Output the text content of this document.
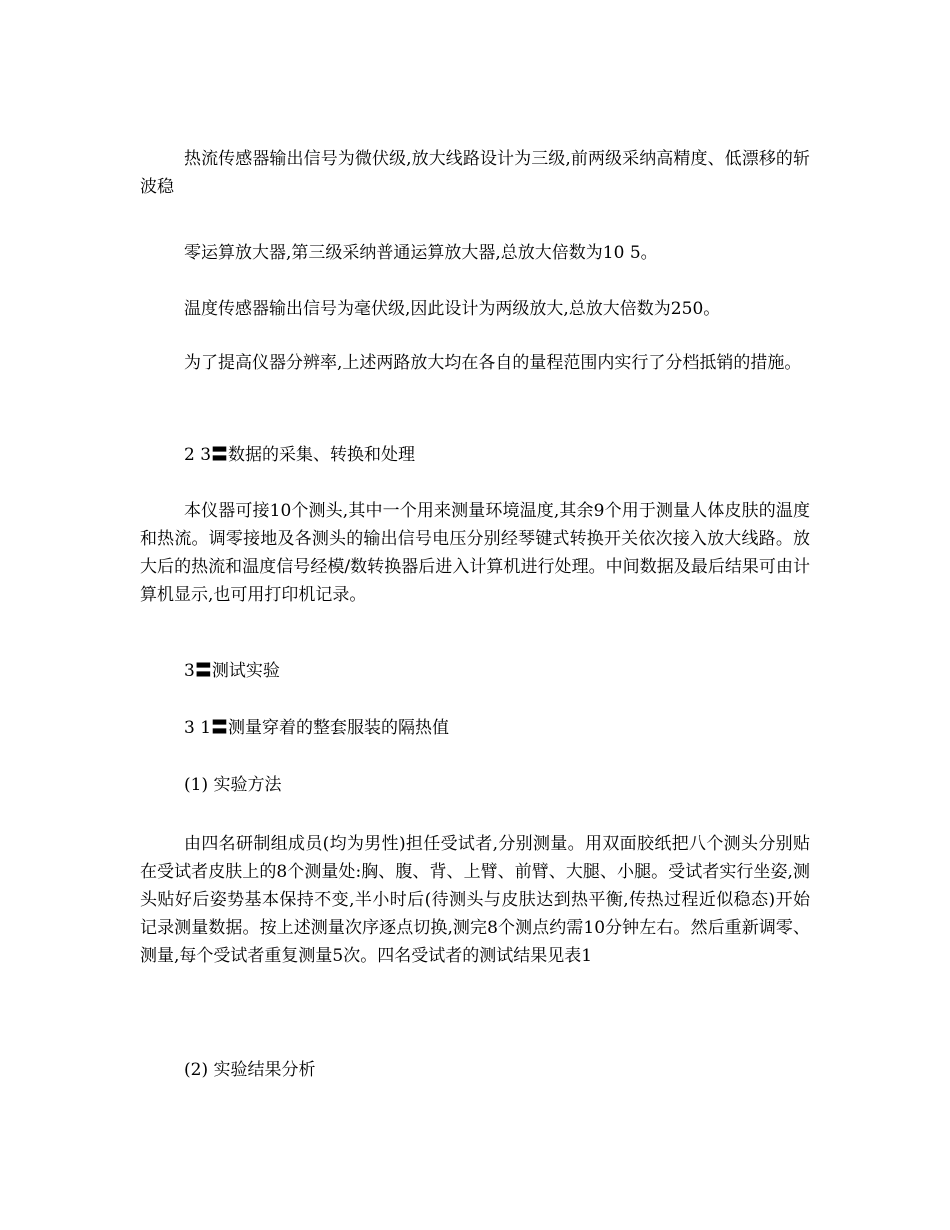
热流传感器输出信号为微伏级,放大线路设计为三级,前两级采纳高精度、低漂移的斩波稳

零运算放大器,第三级采纳普通运算放大器,总放大倍数为10 5。

温度传感器输出信号为毫伏级,因此设计为两级放大,总放大倍数为250。

为了提高仪器分辨率,上述两路放大均在各自的量程范围内实行了分档抵销的措施。

2 3〓数据的采集、转换和处理

本仪器可接10个测头,其中一个用来测量环境温度,其余9个用于测量人体皮肤的温度和热流。调零接地及各测头的输出信号电压分别经琴键式转换开关依次接入放大线路。放大后的热流和温度信号经模/数转换器后进入计算机进行处理。中间数据及最后结果可由计算机显示,也可用打印机记录。

3〓测试实验

3 1〓测量穿着的整套服装的隔热值

(1) 实验方法

由四名研制组成员(均为男性)担任受试者,分别测量。用双面胶纸把八个测头分别贴在受试者皮肤上的8个测量处:胸、腹、背、上臂、前臂、大腿、小腿。受试者实行坐姿,测头贴好后姿势基本保持不变,半小时后(待测头与皮肤达到热平衡,传热过程近似稳态)开始记录测量数据。按上述测量次序逐点切换,测完8个测点约需10分钟左右。然后重新调零、测量,每个受试者重复测量5次。四名受试者的测试结果见表1

(2) 实验结果分析
